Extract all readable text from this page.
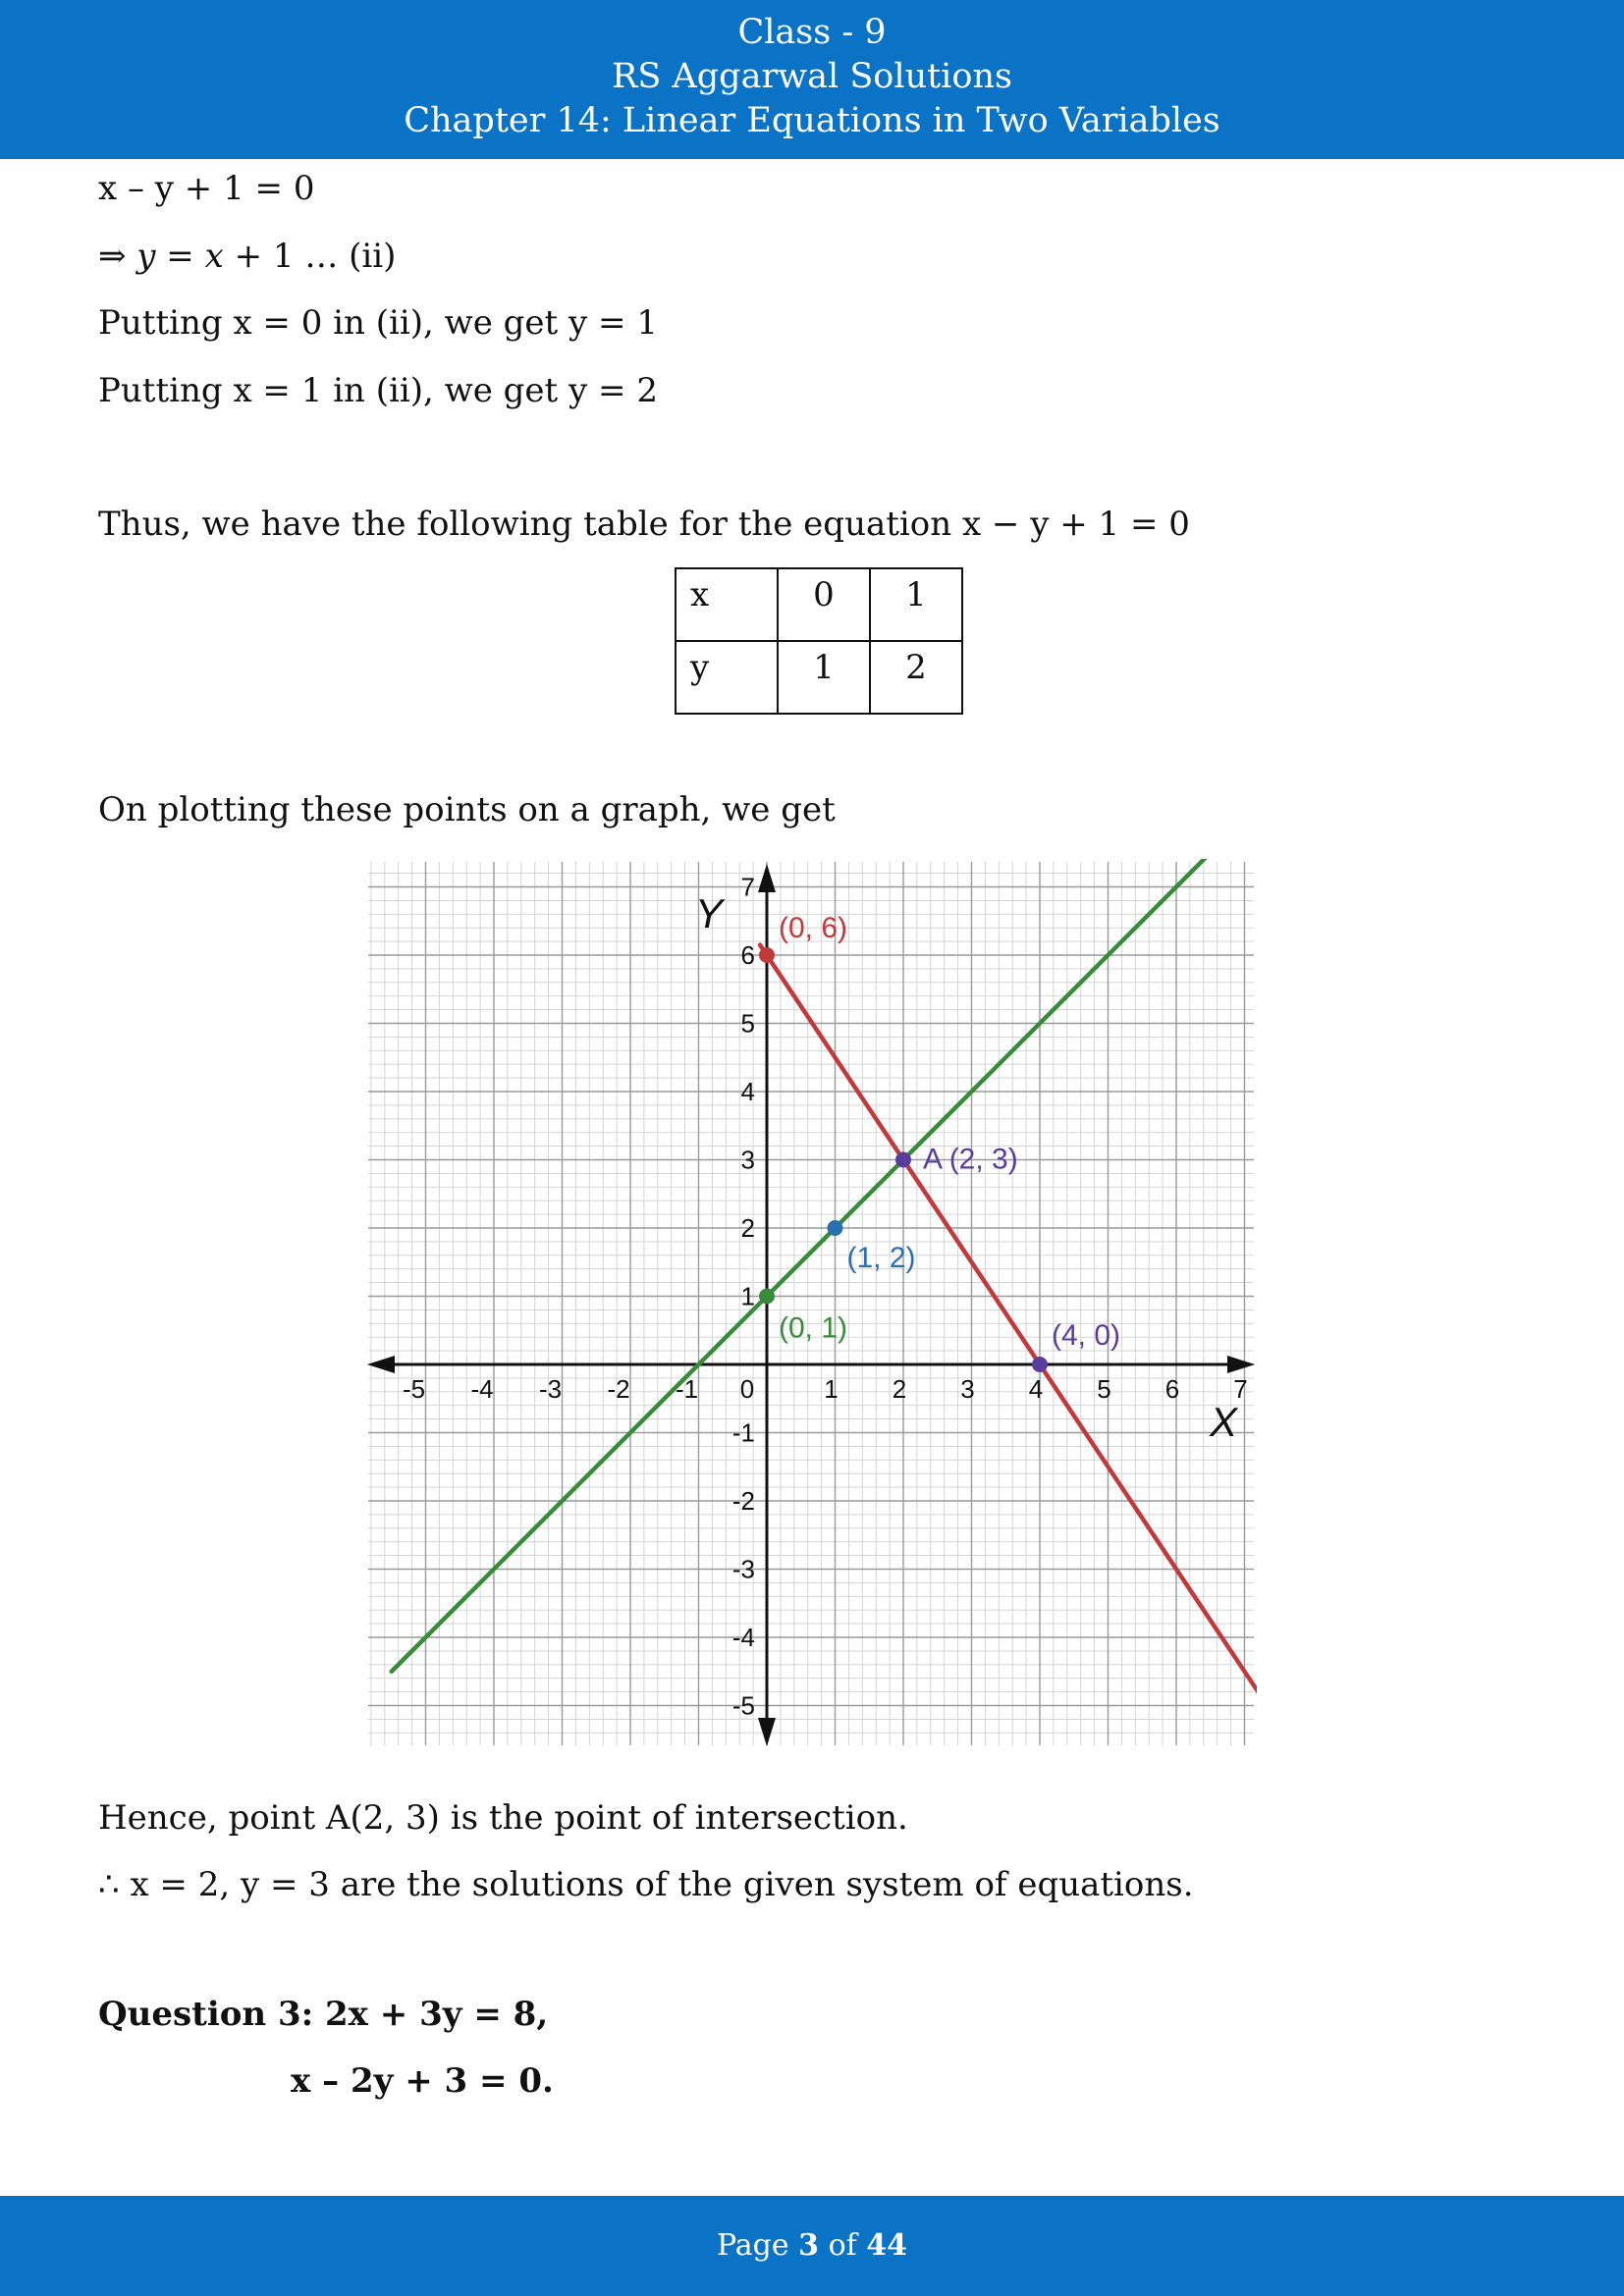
Class - 9
RS Aggarwal Solutions
Chapter 14: Linear Equations in Two Variables
x – y + 1 = 0
⇒ 𝑦 = 𝑥 + 1 … (ii)
Putting x = 0 in (ii), we get y = 1
Putting x = 1 in (ii), we get y = 2
Thus, we have the following table for the equation x − y + 1 = 0
x	0	1
y	1	2
On plotting these points on a graph, we get
-5 -4 -3 -2 -1 0	1 2 3 4 5 6 7
-5
-4
-3
-2
-1
1
2
3
4
5
6
7
(0, 6)
A (2, 3)
(1, 2)
(0, 1)	(4, 0)
X
Y
Hence, point A(2, 3) is the point of intersection.
∴ x = 2, y = 3 are the solutions of the given system of equations.
Question 3: 2x + 3y = 8,
x – 2y + 3 = 0.
Page 3 of 44
